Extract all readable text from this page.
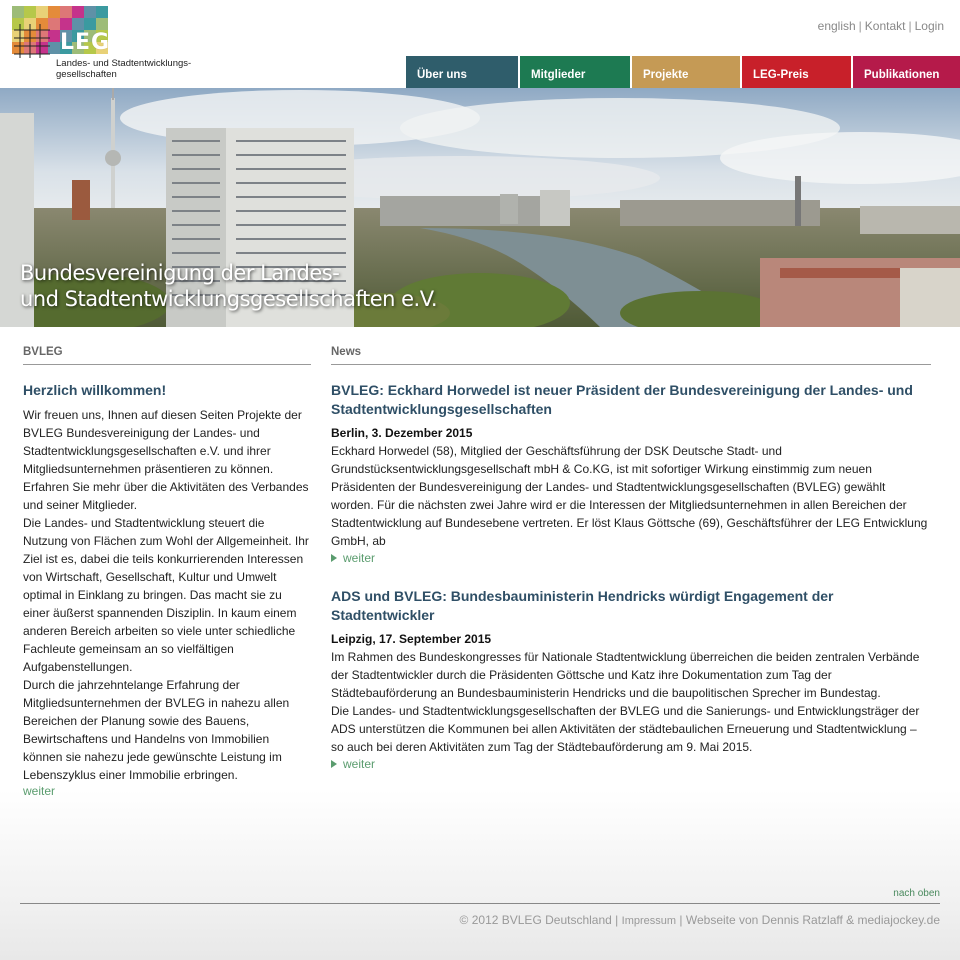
LEG
Landes- und Stadtentwicklungs-gesellschaften
english | Kontakt | Login
Über uns	Mitglieder	Projekte	LEG-Preis	Publikationen
Bundesvereinigung der Landes-
und Stadtentwicklungsgesellschaften e.V.
BVLEG
Herzlich willkommen!

Wir freuen uns, Ihnen auf diesen Seiten Projekte der BVLEG Bundesvereinigung der Landes- und Stadtentwicklungsgesellschaften e.V. und ihrer Mitgliedsunternehmen präsentieren zu können. Erfahren Sie mehr über die Aktivitäten des Verbandes und seiner Mitglieder.

Die Landes- und Stadtentwicklung steuert die Nutzung von Flächen zum Wohl der Allgemeinheit. Ihr Ziel ist es, dabei die teils konkurrierenden Interessen von Wirtschaft, Gesellschaft, Kultur und Umwelt optimal in Einklang zu bringen. Das macht sie zu einer äußerst spannenden Disziplin. In kaum einem anderen Bereich arbeiten so viele unter schiedliche Fachleute gemeinsam an so vielfältigen Aufgabenstellungen.

Durch die jahrzehntelange Erfahrung der Mitgliedsunternehmen der BVLEG in nahezu allen Bereichen der Planung sowie des Bauens, Bewirtschaftens und Handelns von Immobilien können sie nahezu jede gewünschte Leistung im Lebenszyklus einer Immobilie erbringen.

weiter
News
BVLEG: Eckhard Horwedel ist neuer Präsident der Bundesvereinigung der Landes- und Stadtentwicklungsgesellschaften
Berlin, 3. Dezember 2015
Eckhard Horwedel (58), Mitglied der Geschäftsführung der DSK Deutsche Stadt- und Grundstücksentwicklungsgesellschaft mbH & Co.KG, ist mit sofortiger Wirkung einstimmig zum neuen Präsidenten der Bundesvereinigung der Landes- und Stadtentwicklungsgesellschaften (BVLEG) gewählt worden. Für die nächsten zwei Jahre wird er die Interessen der Mitgliedsunternehmen in allen Bereichen der Stadtentwicklung auf Bundesebene vertreten. Er löst Klaus Göttsche (69), Geschäftsführer der LEG Entwicklung GmbH, ab
weiter
ADS und BVLEG: Bundesbauministerin Hendricks würdigt Engagement der Stadtentwickler
Leipzig, 17. September 2015
Im Rahmen des Bundeskongresses für Nationale Stadtentwicklung überreichen die beiden zentralen Verbände der Stadtentwickler durch die Präsidenten Göttsche und Katz ihre Dokumentation zum Tag der Städtebauförderung an Bundesbauministerin Hendricks und die baupolitischen Sprecher im Bundestag.
Die Landes- und Stadtentwicklungsgesellschaften der BVLEG und die Sanierungs- und Entwicklungsträger der ADS unterstützen die Kommunen bei allen Aktivitäten der städtebaulichen Erneuerung und Stadtentwicklung – so auch bei deren Aktivitäten zum Tag der Städtebauförderung am 9. Mai 2015.
weiter
nach oben
© 2012 BVLEG Deutschland | Impressum | Webseite von Dennis Ratzlaff & mediajockey.de
